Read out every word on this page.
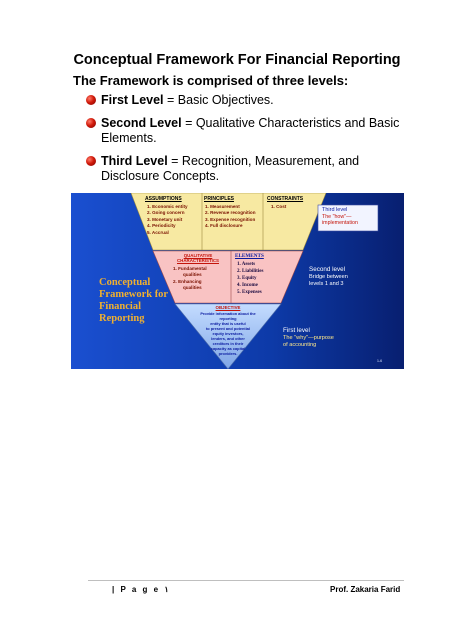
Conceptual Framework For Financial Reporting
The Framework is comprised of three levels:
First Level = Basic Objectives.
Second Level = Qualitative Characteristics and Basic Elements.
Third Level = Recognition, Measurement, and Disclosure Concepts.
ASSUMPTIONS
1. Economic entity
2. Going concern
3. Monetary unit
4. Periodicity
5. Accrual
PRINCIPLES
1. Measurement
2. Revenue recognition
3. Expense recognition
4. Full disclosure
CONSTRAINTS
1. Cost
QUALITATIVE
CHARACTERISTICS
1. Fundamental
qualities
2. Enhancing
qualities
ELEMENTS
1. Assets
2. Liabilities
3. Equity
4. Income
5. Expenses
Conceptual
Framework for
Financial
Reporting
OBJECTIVE
Provide information about the
reporting
entity that is useful
to present and potential
equity investors,
lenders, and other
creditors in their
capacity as capital
providers.
Third level
The "how"—
implementation
Second level
Bridge between
levels 1 and 3
First level
The "why"—purpose
of accounting
1-6
| P a g e ١	Prof. Zakaria Farid
